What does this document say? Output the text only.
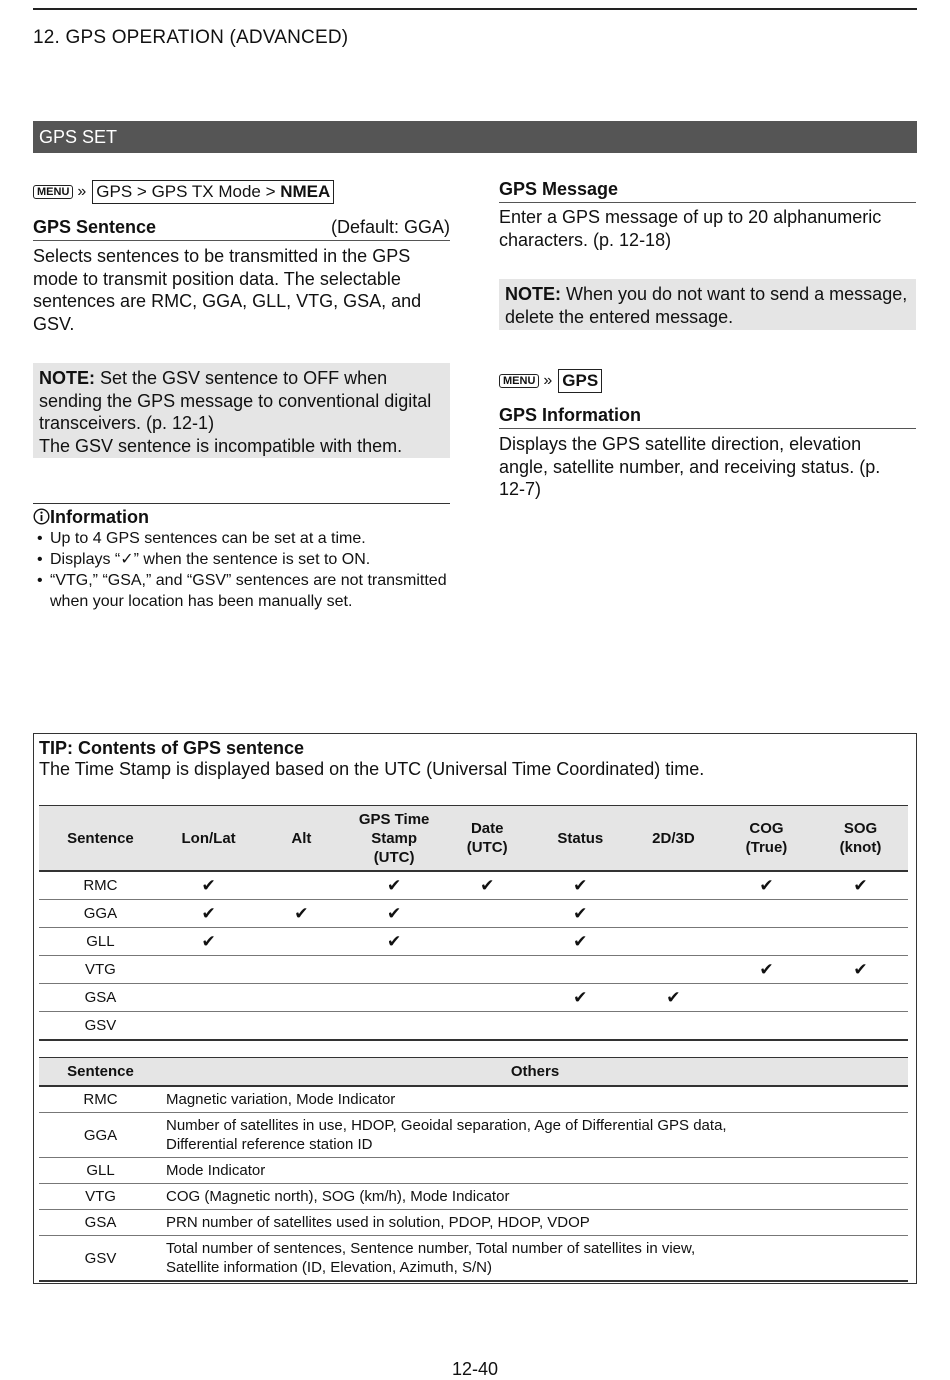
12. GPS OPERATION (ADVANCED)
GPS SET
MENU » GPS > GPS TX Mode > NMEA
GPS Sentence	(Default: GGA)
Selects sentences to be transmitted in the GPS mode to transmit position data. The selectable sentences are RMC, GGA, GLL, VTG, GSA, and GSV.
NOTE: Set the GSV sentence to OFF when sending the GPS message to conventional digital transceivers. (p. 12-1)
The GSV sentence is incompatible with them.
Information
• Up to 4 GPS sentences can be set at a time.
• Displays “✓” when the sentence is set to ON.
• “VTG,” “GSA,” and “GSV” sentences are not transmitted when your location has been manually set.
GPS Message
Enter a GPS message of up to 20 alphanumeric characters. (p. 12-18)
NOTE: When you do not want to send a message, delete the entered message.
MENU » GPS
GPS Information
Displays the GPS satellite direction, elevation angle, satellite number, and receiving status. (p. 12-7)
TIP: Contents of GPS sentence
The Time Stamp is displayed based on the UTC (Universal Time Coordinated) time.
Sentence	Lon/Lat	Alt	GPS Time
Stamp
(UTC)	Date
(UTC)	Status	2D/3D	COG
(True)	SOG
(knot)
RMC	✔		✔	✔	✔		✔	✔
GGA	✔	✔	✔		✔			
GLL	✔		✔		✔			
VTG							✔	✔
GSA					✔	✔		
GSV								
Sentence	Others
RMC	Magnetic variation, Mode Indicator
GGA	Number of satellites in use, HDOP, Geoidal separation, Age of Differential GPS data,
Differential reference station ID
GLL	Mode Indicator
VTG	COG (Magnetic north), SOG (km/h), Mode Indicator
GSA	PRN number of satellites used in solution, PDOP, HDOP, VDOP
GSV	Total number of sentences, Sentence number, Total number of satellites in view,
Satellite information (ID, Elevation, Azimuth, S/N)
12-40
